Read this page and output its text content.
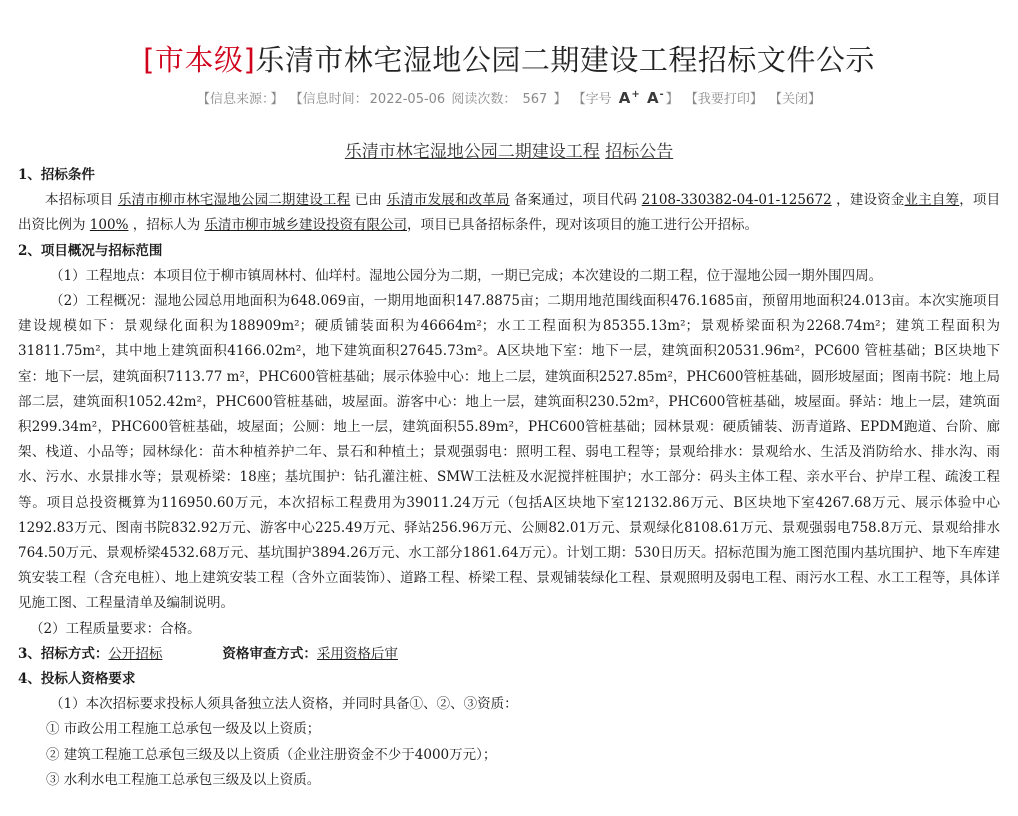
[市本级]乐清市林宅湿地公园二期建设工程招标文件公示
【信息来源： 】 【信息时间： 2022-05-06 阅读次数： 567 】 【字号 A+ A- 】 【我要打印】 【关闭】
乐清市林宅湿地公园二期建设工程 招标公告

1、招标条件

本招标项目 乐清市柳市林宅湿地公园二期建设工程 已由 乐清市发展和改革局 备案通过，项目代码 2108-330382-04-01-125672 ，建设资金业主自筹，项目出资比例为 100% ，招标人为 乐清市柳市城乡建设投资有限公司，项目已具备招标条件，现对该项目的施工进行公开招标。

2、项目概况与招标范围

（1）工程地点：本项目位于柳市镇周林村、仙垟村。湿地公园分为二期，一期已完成；本次建设的二期工程，位于湿地公园一期外围四周。

（2）工程概况：湿地公园总用地面积为648.069亩，一期用地面积147.8875亩；二期用地范围线面积476.1685亩，预留用地面积24.013亩。本次实施项目建设规模如下：景观绿化面积为188909m²；硬质铺装面积为46664m²；水工工程面积为85355.13m²；景观桥梁面积为2268.74m²；建筑工程面积为31811.75m²，其中地上建筑面积4166.02m²，地下建筑面积27645.73m²。A区块地下室：地下一层，建筑面积20531.96m²，PC600 管桩基础；B区块地下室：地下一层，建筑面积7113.77 m²，PHC600管桩基础；展示体验中心：地上二层，建筑面积2527.85m²，PHC600管桩基础，圆形坡屋面；图南书院：地上局部二层，建筑面积1052.42m²，PHC600管桩基础，坡屋面。游客中心：地上一层，建筑面积230.52m²，PHC600管桩基础，坡屋面。驿站：地上一层，建筑面积299.34m²，PHC600管桩基础，坡屋面；公厕：地上一层，建筑面积55.89m²，PHC600管桩基础；园林景观：硬质铺装、沥青道路、EPDM跑道、台阶、廊架、栈道、小品等；园林绿化：苗木种植养护二年、景石和种植土；景观强弱电：照明工程、弱电工程等；景观给排水：景观给水、生活及消防给水、排水沟、雨水、污水、水景排水等；景观桥梁：18座；基坑围护：钻孔灌注桩、SMW工法桩及水泥搅拌桩围护；水工部分：码头主体工程、亲水平台、护岸工程、疏浚工程等。项目总投资概算为116950.60万元，本次招标工程费用为39011.24万元（包括A区块地下室12132.86万元、B区块地下室4267.68万元、展示体验中心1292.83万元、图南书院832.92万元、游客中心225.49万元、驿站256.96万元、公厕82.01万元、景观绿化8108.61万元、景观强弱电758.8万元、景观给排水764.50万元、景观桥梁4532.68万元、基坑围护3894.26万元、水工部分1861.64万元）。计划工期：530日历天。招标范围为施工图范围内基坑围护、地下车库建筑安装工程（含充电桩）、地上建筑安装工程（含外立面装饰）、道路工程、桥梁工程、景观铺装绿化工程、景观照明及弱电工程、雨污水工程、水工工程等，具体详见施工图、工程量清单及编制说明。

（2）工程质量要求：合格。

3、招标方式：公开招标	资格审查方式：采用资格后审

4、投标人资格要求

（1）本次招标要求投标人须具备独立法人资格，并同时具备①、②、③资质：

① 市政公用工程施工总承包一级及以上资质；

② 建筑工程施工总承包三级及以上资质（企业注册资金不少于4000万元）；

③ 水利水电工程施工总承包三级及以上资质。
